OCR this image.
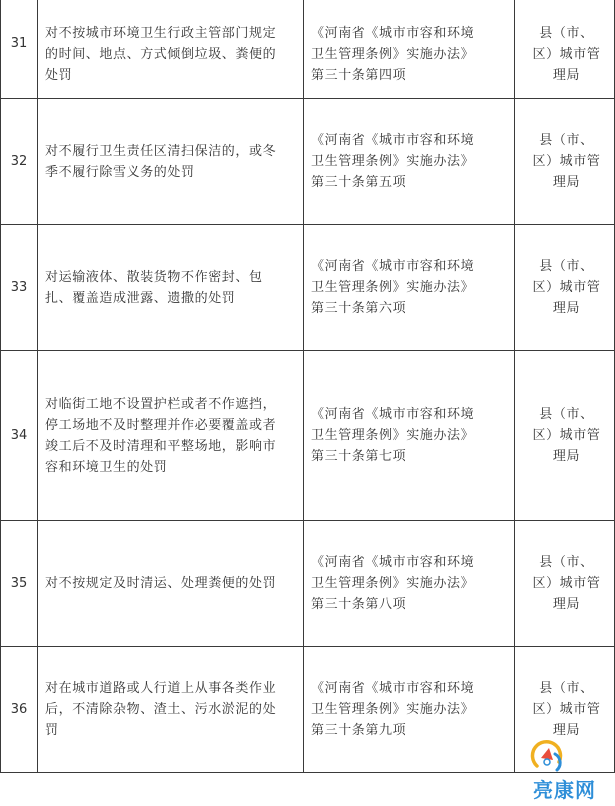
31	对不按城市环境卫生行政主管部门规定
的时间、地点、方式倾倒垃圾、粪便的
处罚	《河南省《城市市容和环境
卫生管理条例》实施办法》
第三十条第四项	县（市、
区）城市管
理局

32	对不履行卫生责任区清扫保洁的，或冬
季不履行除雪义务的处罚	《河南省《城市市容和环境
卫生管理条例》实施办法》
第三十条第五项	县（市、
区）城市管
理局

33	对运输液体、散装货物不作密封、包
扎、覆盖造成泄露、遗撒的处罚	《河南省《城市市容和环境
卫生管理条例》实施办法》
第三十条第六项	县（市、
区）城市管
理局

34	对临街工地不设置护栏或者不作遮挡，
停工场地不及时整理并作必要覆盖或者
竣工后不及时清理和平整场地，影响市
容和环境卫生的处罚	《河南省《城市市容和环境
卫生管理条例》实施办法》
第三十条第七项	县（市、
区）城市管
理局

35	对不按规定及时清运、处理粪便的处罚	《河南省《城市市容和环境
卫生管理条例》实施办法》
第三十条第八项	县（市、
区）城市管
理局

36	对在城市道路或人行道上从事各类作业
后，不清除杂物、渣土、污水淤泥的处
罚	《河南省《城市市容和环境
卫生管理条例》实施办法》
第三十条第九项	县（市、
区）城市管
理局
亮康网
